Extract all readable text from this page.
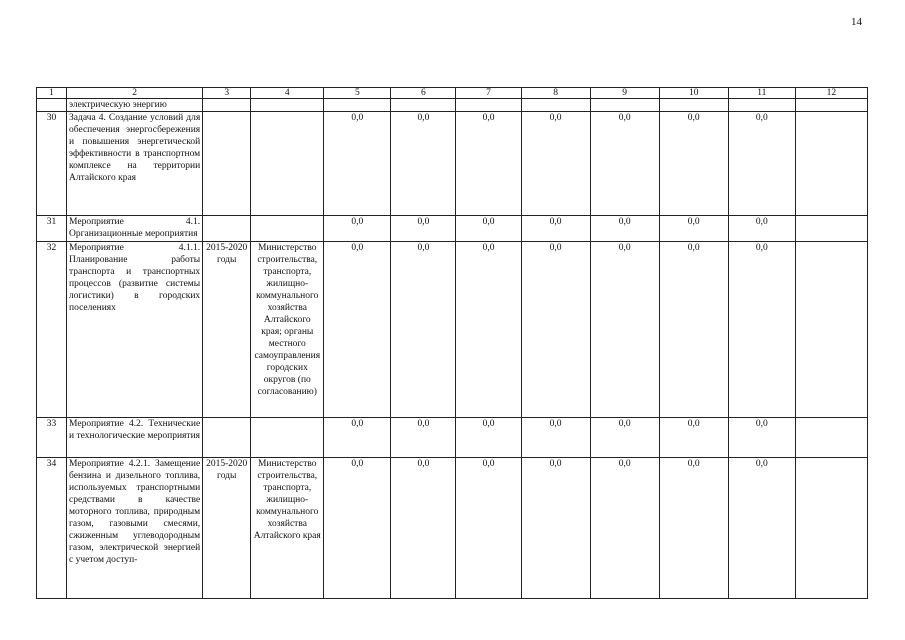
14
1	2	3	4	5	6	7	8	9	10	11	12
	электрическую энергию										
30	Задача 4. Создание условий для обеспечения энергосбережения и повышения энергетической эффективности в транспортном комплексе на территории Алтайского края			0,0	0,0	0,0	0,0	0,0	0,0	0,0	
31	Мероприятие 4.1. Организационные мероприятия			0,0	0,0	0,0	0,0	0,0	0,0	0,0	
32	Мероприятие 4.1.1. Планирование работы транспорта и транспортных процессов (развитие системы логистики) в городских поселениях	2015-2020 годы	Министерство строительства, транспорта, жилищно-коммунального хозяйства Алтайского края; органы местного самоуправления городских округов (по согласованию)	0,0	0,0	0,0	0,0	0,0	0,0	0,0	
33	Мероприятие 4.2. Технические и технологические мероприятия			0,0	0,0	0,0	0,0	0,0	0,0	0,0	
34	Мероприятие 4.2.1. Замещение бензина и дизельного топлива, используемых транспортными средствами в качестве моторного топлива, природным газом, газовыми смесями, сжиженным углеводородным газом, электрической энергией с учетом доступ-	2015-2020 годы	Министерство строительства, транспорта, жилищно-коммунального хозяйства Алтайского края	0,0	0,0	0,0	0,0	0,0	0,0	0,0	
